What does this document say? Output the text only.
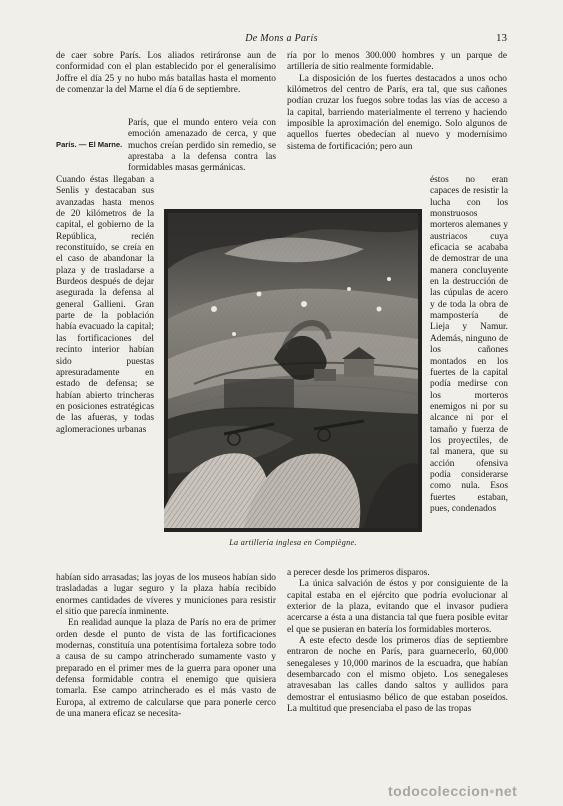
De Mons a París	13

de caer sobre París. Los aliados retiráronse aun de conformidad con el plan establecido por el generalísimo Joffre el día 25 y no hubo más batallas hasta el momento de comenzar la del Marne el día 6 de septiembre.

París. — El Marne.

París, que el mundo entero veía con emoción amenazado de cerca, y que muchos creían perdido sin remedio, se aprestaba a la defensa contra las formidables masas germánicas.

Cuando éstas llegaban a Senlis y destacaban sus avanzadas hasta menos de 20 kilómetros de la capital, el gobierno de la República, recién reconstituído, se creía en el caso de abandonar la plaza y de trasladarse a Burdeos después de dejar asegurada la defensa al general Gallieni. Gran parte de la población había evacuado la capital; las fortificaciones del recinto interior habían sido puestas apresuradamente en estado de defensa; se habían abierto trincheras en posiciones estratégicas de las afueras, y todas aglomeraciones urbanas

La artillería inglesa en Compiègne.

éstos no eran capaces de resistir la lucha con los monstruosos morteros alemanes y austriacos cuya eficacia se acababa de demostrar de una manera concluyente en la destrucción de las cúpulas de acero y de toda la obra de mampostería de Lieja y Namur. Además, ninguno de los cañones montados en los fuertes de la capital podía medirse con los morteros enemigos ni por su alcance ni por el tamaño y fuerza de los proyectiles, de tal manera, que su acción ofensiva podía considerarse como nula. Esos fuertes estaban, pues, condenados

ría por lo menos 300.000 hombres y un parque de artillería de sitio realmente formidable.

La disposición de los fuertes destacados a unos ocho kilómetros del centro de París, era tal, que sus cañones podían cruzar los fuegos sobre todas las vías de acceso a la capital, barriendo materialmente el terreno y haciendo imposible la aproximación del enemigo. Solo algunos de aquellos fuertes obedecían al nuevo y modernísimo sistema de fortificación; pero aun

habían sido arrasadas; las joyas de los museos habían sido trasladadas a lugar seguro y la plaza había recibido enormes cantidades de víveres y municiones para resistir el sitio que parecía inminente.

En realidad aunque la plaza de París no era de primer orden desde el punto de vista de las fortificaciones modernas, constituía una potentísima fortaleza sobre todo a causa de su campo atrincherado sumamente vasto y preparado en el primer mes de la guerra para oponer una defensa formidable contra el enemigo que quisiera tomarla. Ese campo atrincherado es el más vasto de Europa, al extremo de calcularse que para ponerle cerco de una manera eficaz se necesita-

a perecer desde los primeros disparos.

La única salvación de éstos y por consiguiente de la capital estaba en el ejército que podría evolucionar al exterior de la plaza, evitando que el invasor pudiera acercarse a ésta a una distancia tal que fuera posible evitar el que se pusieran en batería los formidables morteros.

A este efecto desde los primeros días de septiembre entraron de noche en París, para guarnecerlo, 60,000 senegaleses y 10,000 marinos de la escuadra, que habían desembarcado con el mismo objeto. Los senegaleses atravesaban las calles dando saltos y aullidos para demostrar el entusiasmo bélico de que estaban poseídos. La multitud que presenciaba el paso de las tropas

todocoleccion•net
